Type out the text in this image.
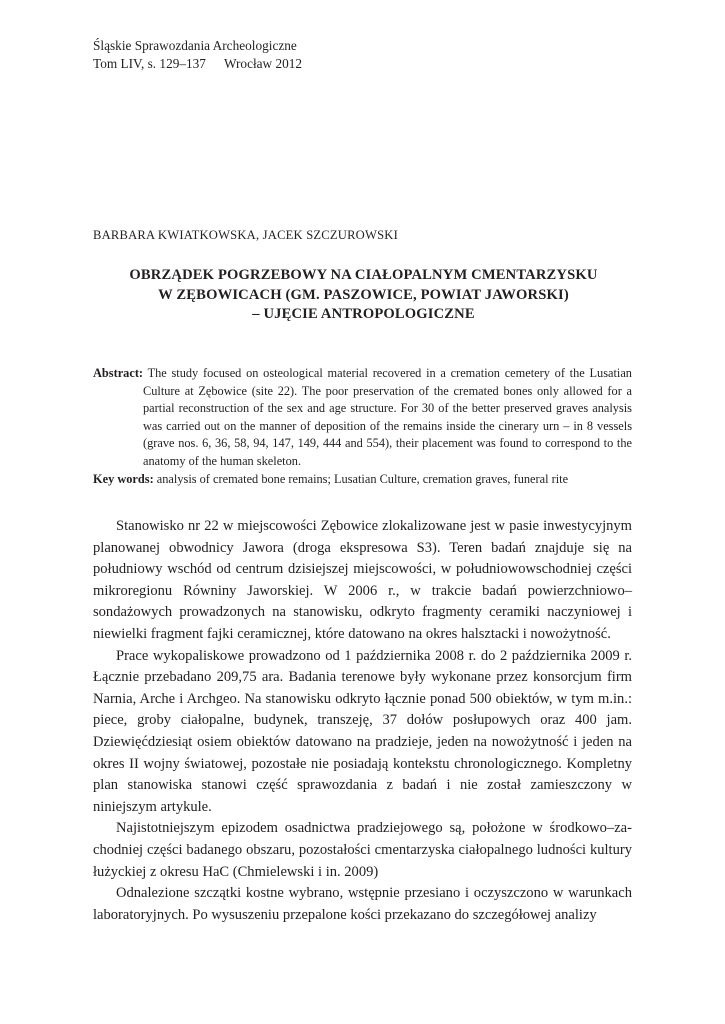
Śląskie Sprawozdania Archeologiczne
Tom LIV, s. 129–137 Wrocław 2012
BARBARA KWIATKOWSKA, JACEK SZCZUROWSKI
OBRZĄDEK POGRZEBOWY NA CIAŁOPALNYM CMENTARZYSKU
W ZĘBOWICACH (GM. PASZOWICE, POWIAT JAWORSKI)
– UJĘCIE ANTROPOLOGICZNE
Abstract: The study focused on osteological material recovered in a cremation cemetery of the Lusatian Culture at Zębowice (site 22). The poor preservation of the cremated bones only allowed for a partial reconstruction of the sex and age structure. For 30 of the better preserved graves analysis was carried out on the manner of deposition of the remains inside the cinerary urn – in 8 vessels (grave nos. 6, 36, 58, 94, 147, 149, 444 and 554), their placement was found to correspond to the anatomy of the human skeleton.
Key words: analysis of cremated bone remains; Lusatian Culture, cremation graves, funeral rite

Stanowisko nr 22 w miejscowości Zębowice zlokalizowane jest w pasie inwestycyjnym planowanej obwodnicy Jawora (droga ekspresowa S3). Teren badań znajduje się na południowy wschód od centrum dzisiejszej miejscowości, w południowowschodniej części mikroregionu Równiny Jaworskiej. W 2006 r., w trakcie badań powierzchniowo–sondażowych prowadzonych na stanowisku, odkryto fragmenty ceramiki naczyniowej i niewielki fragment fajki ceramicznej, które datowano na okres halsztacki i nowożytność.

Prace wykopaliskowe prowadzono od 1 października 2008 r. do 2 października 2009 r. Łącznie przebadano 209,75 ara. Badania terenowe były wykonane przez konsorcjum firm Narnia, Arche i Archgeo. Na stanowisku odkryto łącznie ponad 500 obiektów, w tym m.in.: piece, groby ciałopalne, budynek, transzeję, 37 dołów posłupowych oraz 400 jam. Dziewięćdziesiąt osiem obiektów datowano na pradzieje, jeden na nowożytność i jeden na okres II wojny światowej, pozostałe nie posiadają kontekstu chronologicznego. Kompletny plan stanowiska stanowi część sprawozdania z badań i nie został zamieszczony w niniejszym artykule.

Najistotniejszym epizodem osadnictwa pradziejowego są, położone w środkowo–zachodniej części badanego obszaru, pozostałości cmentarzyska ciałopalnego ludności kultury łużyckiej z okresu HaC (Chmielewski i in. 2009)

Odnalezione szczątki kostne wybrano, wstępnie przesiano i oczyszczono w warunkach laboratoryjnych. Po wysuszeniu przepalone kości przekazano do szczegółowej analizy
